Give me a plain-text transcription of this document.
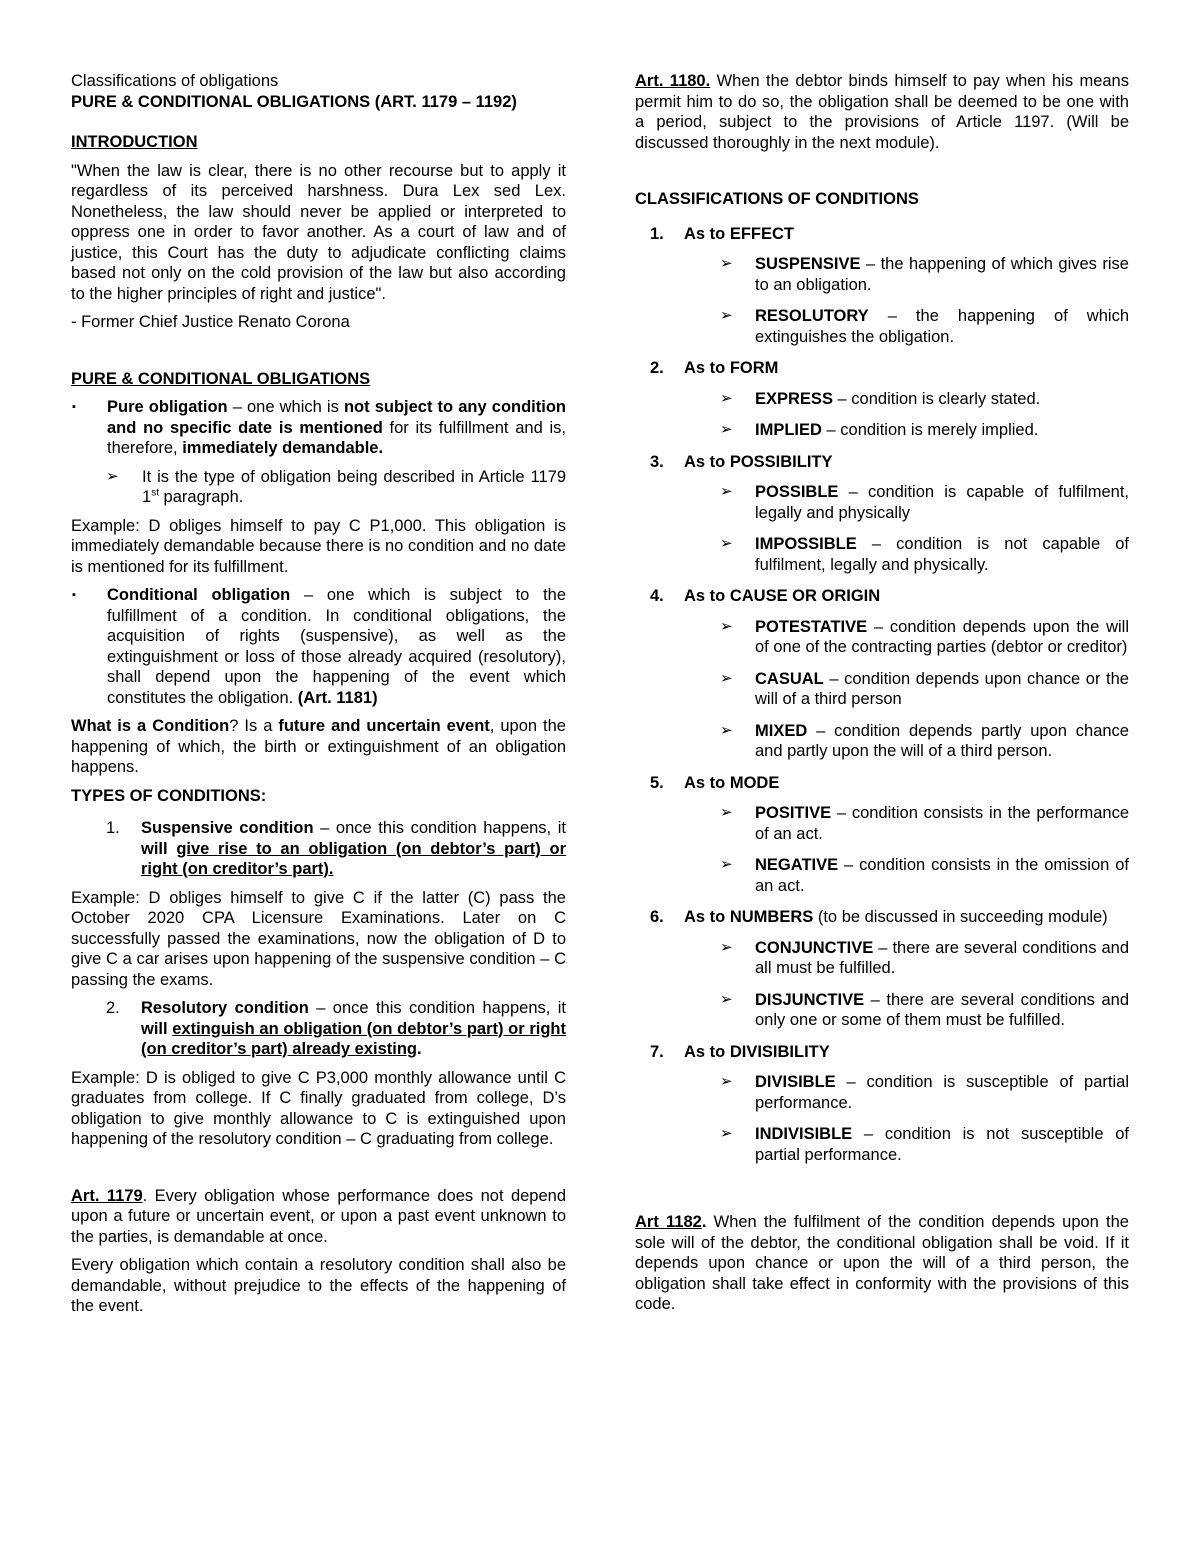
Classifications of obligations

PURE & CONDITIONAL OBLIGATIONS (ART. 1179 – 1192)

INTRODUCTION

"When the law is clear, there is no other recourse but to apply it regardless of its perceived harshness. Dura Lex sed Lex. Nonetheless, the law should never be applied or interpreted to oppress one in order to favor another. As a court of law and of justice, this Court has the duty to adjudicate conflicting claims based not only on the cold provision of the law but also according to the higher principles of right and justice".

- Former Chief Justice Renato Corona

PURE & CONDITIONAL OBLIGATIONS

▪	Pure obligation – one which is not subject to any condition and no specific date is mentioned for its fulfillment and is, therefore, immediately demandable.
➢	It is the type of obligation being described in Article 1179 1st paragraph.

Example: D obliges himself to pay C P1,000. This obligation is immediately demandable because there is no condition and no date is mentioned for its fulfillment.

▪	Conditional obligation – one which is subject to the fulfillment of a condition. In conditional obligations, the acquisition of rights (suspensive), as well as the extinguishment or loss of those already acquired (resolutory), shall depend upon the happening of the event which constitutes the obligation. (Art. 1181)

What is a Condition? Is a future and uncertain event, upon the happening of which, the birth or extinguishment of an obligation happens.

TYPES OF CONDITIONS:

1.	Suspensive condition – once this condition happens, it will give rise to an obligation (on debtor’s part) or right (on creditor’s part).

Example: D obliges himself to give C if the latter (C) pass the October 2020 CPA Licensure Examinations. Later on C successfully passed the examinations, now the obligation of D to give C a car arises upon happening of the suspensive condition – C passing the exams.

2.	Resolutory condition – once this condition happens, it will extinguish an obligation (on debtor’s part) or right (on creditor’s part) already existing.

Example: D is obliged to give C P3,000 monthly allowance until C graduates from college. If C finally graduated from college, D’s obligation to give monthly allowance to C is extinguished upon happening of the resolutory condition – C graduating from college.

Art. 1179. Every obligation whose performance does not depend upon a future or uncertain event, or upon a past event unknown to the parties, is demandable at once.

Every obligation which contain a resolutory condition shall also be demandable, without prejudice to the effects of the happening of the event.

Art. 1180. When the debtor binds himself to pay when his means permit him to do so, the obligation shall be deemed to be one with a period, subject to the provisions of Article 1197. (Will be discussed thoroughly in the next module).

CLASSIFICATIONS OF CONDITIONS

1.	As to EFFECT
➢	SUSPENSIVE – the happening of which gives rise to an obligation.
➢	RESOLUTORY – the happening of which extinguishes the obligation.
2.	As to FORM
➢	EXPRESS – condition is clearly stated.
➢	IMPLIED – condition is merely implied.
3.	As to POSSIBILITY
➢	POSSIBLE – condition is capable of fulfilment, legally and physically
➢	IMPOSSIBLE – condition is not capable of fulfilment, legally and physically.
4.	As to CAUSE OR ORIGIN
➢	POTESTATIVE – condition depends upon the will of one of the contracting parties (debtor or creditor)
➢	CASUAL – condition depends upon chance or the will of a third person
➢	MIXED – condition depends partly upon chance and partly upon the will of a third person.
5.	As to MODE
➢	POSITIVE – condition consists in the performance of an act.
➢	NEGATIVE – condition consists in the omission of an act.
6.	As to NUMBERS (to be discussed in succeeding module)
➢	CONJUNCTIVE – there are several conditions and all must be fulfilled.
➢	DISJUNCTIVE – there are several conditions and only one or some of them must be fulfilled.
7.	As to DIVISIBILITY
➢	DIVISIBLE – condition is susceptible of partial performance.
➢	INDIVISIBLE – condition is not susceptible of partial performance.

Art 1182. When the fulfilment of the condition depends upon the sole will of the debtor, the conditional obligation shall be void. If it depends upon chance or upon the will of a third person, the obligation shall take effect in conformity with the provisions of this code.
